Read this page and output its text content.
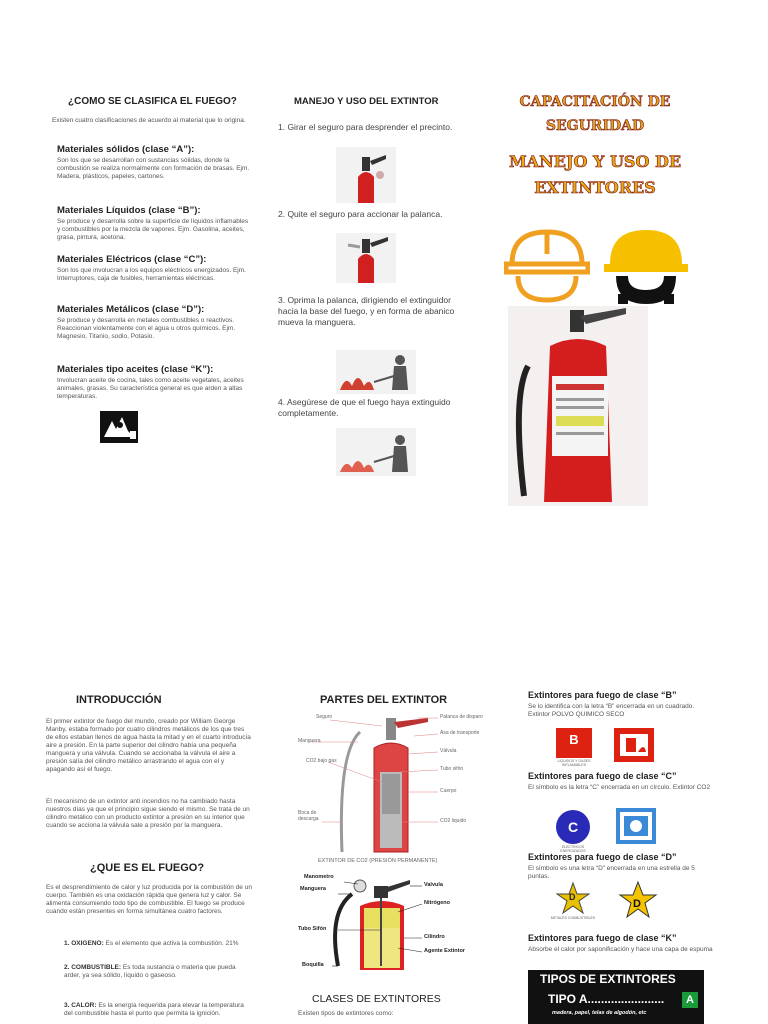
¿COMO SE CLASIFICA EL FUEGO?
Existen cuatro clasificaciones de acuerdo al material que lo origina.
Materiales sólidos (clase “A”):
Son los que se desarrollan con sustancias sólidas, donde la combustión se realiza normalmente con formación de brasas. Ejm. Madera, plásticos, papeles, cartones.
Materiales Líquidos (clase “B”):
Se produce y desarrolla sobre la superficie de líquidos inflamables y combustibles por la mezcla de vapores. Ejm. Gasolina, aceites, grasa, pintura, acetona.
Materiales Eléctricos (clase “C”):
Son los que involucran a los equipos eléctricos energizados. Ejm. Interruptores, caja de fusibles, herramientas eléctricas.
Materiales Metálicos (clase “D”):
Se produce y desarrolla en metales combustibles o reactivos. Reaccionan violentamente con el agua u otros químicos. Ejm. Magnesio, Titanio, sodio, Potasio.
Materiales tipo aceites (clase “K”):
Involucran aceite de cocina, tales como aceite vegetales, aceites animales, grasas. Su característica general es que arden a altas temperaturas.
MANEJO Y USO DEL EXTINTOR
1. Girar el seguro para desprender el precinto.
2. Quite el seguro para accionar la palanca.
3. Oprima la palanca, dirigiendo el extinguidor hacia la base del fuego, y en forma de abanico mueva la manguera.
4. Asegúrese de que el fuego haya extinguido completamente.
CAPACITACIÓN DE
SEGURIDAD
MANEJO Y USO DE
EXTINTORES
INTRODUCCIÓN
El primer extintor de fuego del mundo, creado por William George Manby, estaba formado por cuatro cilindros metálicos de los que tres de ellos estaban llenos de agua hasta la mitad y en el cuarto introducía aire a presión. En la parte superior del cilindro había una pequeña manguera y una válvula. Cuando se accionaba la válvula el aire a presión salía del cilindro metálico arrastrando el agua con el y apagando así el fuego.
El mecanismo de un extintor anti incendios no ha cambiado hasta nuestros días ya que el principio sigue siendo el mismo. Se trata de un cilindro metálico con un producto extintor a presión en su interior que cuando se acciona la válvula sale a presión por la manguera.
¿QUE ES EL FUEGO?
Es el desprendimiento de calor y luz producida por la combustión de un cuerpo. También es una oxidación rápida que genera luz y calor. Se alimenta consumiendo todo tipo de combustible. El fuego se produce cuando están presentes en forma simultánea cuatro factores.
1. OXIGENO: Es el elemento que activa la combustión. 21%
2. COMBUSTIBLE: Es toda sustancia o materia que pueda arder, ya sea sólido, líquido o gaseoso.
3. CALOR: Es la energía requerida para elevar la temperatura del combustible hasta el punto que permita la ignición.
PARTES DEL EXTINTOR
Seguro
Manguera
CO2 bajo gas
Boca de descarga
Palanca de disparo
Asa de transporte
Válvula
Tubo sifón
Cuerpo
CO2 liquido
EXTINTOR DE CO2 (PRESIÓN PERMANENTE)
Manometro
Manguera
Tubo Sifón
Boquilla
Valvula
Nitrógeno
Cilindro
Agente Extintor
CLASES DE EXTINTORES
Existen tipos de extintores como:
Extintores para fuego de clase “B”
Se lo identifica con la letra “B” encerrada en un cuadrado. Extintor POLVO QUIMICO SECO
B
LIQUIDOS Y GASES INFLAMABLES
Extintores para fuego de clase “C”
El símbolo es la letra “C” encerrada en un círculo. Extintor CO2
C
ELECTRICOS ENERGIZADOS
Extintores para fuego de clase “D”
El símbolo es una letra “D” encerrada en una estrella de 5 puntas.
D
METALES COMBUSTIBLES
D
Extintores para fuego de clase “K”
Absorbe el calor por saponificación y hace una capa de espuma
TIPOS DE EXTINTORES
TIPO A.......................	A
madera, papel, telas de algodón, etc
